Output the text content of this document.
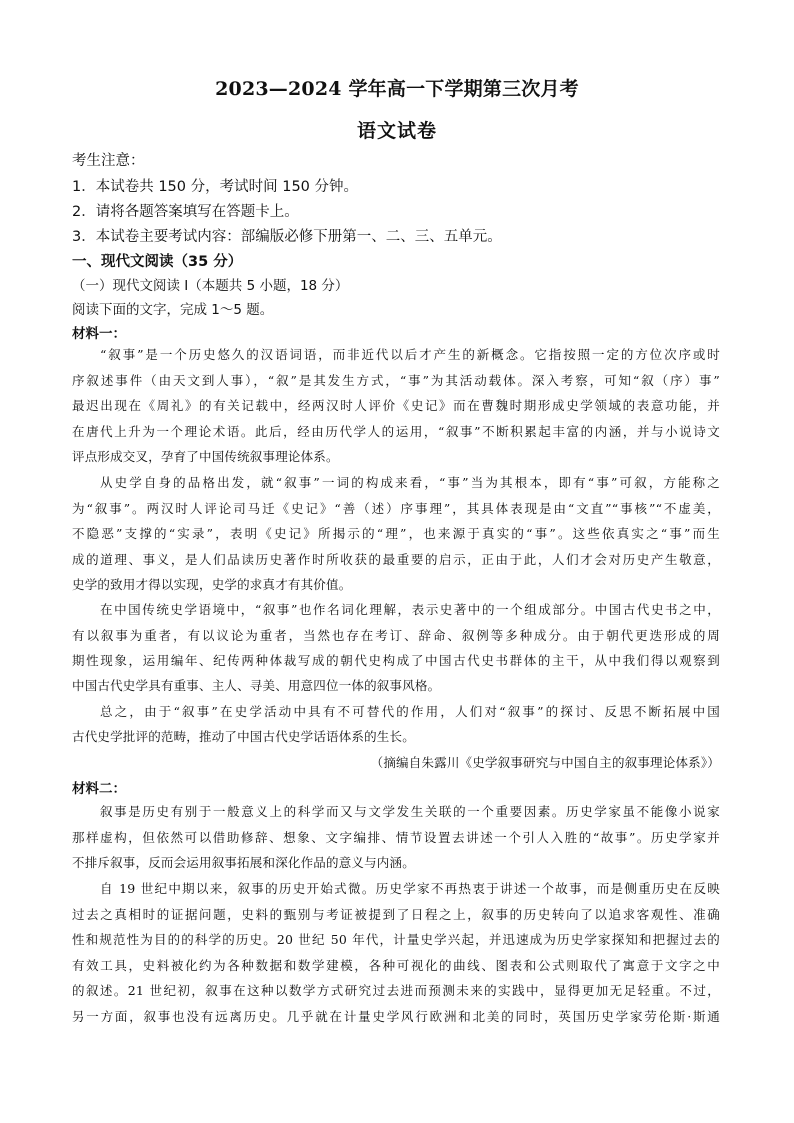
2023—2024 学年高一下学期第三次月考
语文试卷
考生注意：
1．本试卷共 150 分，考试时间 150 分钟。
2．请将各题答案填写在答题卡上。
3．本试卷主要考试内容：部编版必修下册第一、二、三、五单元。
一、现代文阅读（35 分）
（一）现代文阅读 I（本题共 5 小题，18 分）
阅读下面的文字，完成 1～5 题。
材料一：
“叙事”是一个历史悠久的汉语词语，而非近代以后才产生的新概念。它指按照一定的方位次序或时
序叙述事件（由天文到人事），“叙”是其发生方式，“事”为其活动载体。深入考察，可知“叙（序）事”
最迟出现在《周礼》的有关记载中，经两汉时人评价《史记》而在曹魏时期形成史学领域的表意功能，并
在唐代上升为一个理论术语。此后，经由历代学人的运用，“叙事”不断积累起丰富的内涵，并与小说诗文
评点形成交叉，孕育了中国传统叙事理论体系。
从史学自身的品格出发，就“叙事”一词的构成来看，“事”当为其根本，即有“事”可叙，方能称之
为“叙事”。两汉时人评论司马迁《史记》“善（述）序事理”，其具体表现是由“文直”“事核”“不虚美，
不隐恶”支撑的“实录”，表明《史记》所揭示的“理”，也来源于真实的“事”。这些依真实之“事”而生
成的道理、事义，是人们品读历史著作时所收获的最重要的启示，正由于此，人们才会对历史产生敬意，
史学的致用才得以实现，史学的求真才有其价值。
在中国传统史学语境中，“叙事”也作名词化理解，表示史著中的一个组成部分。中国古代史书之中，
有以叙事为重者，有以议论为重者，当然也存在考订、辞命、叙例等多种成分。由于朝代更迭形成的周
期性现象，运用编年、纪传两种体裁写成的朝代史构成了中国古代史书群体的主干，从中我们得以观察到
中国古代史学具有重事、主人、寻美、用意四位一体的叙事风格。
总之，由于“叙事”在史学活动中具有不可替代的作用，人们对“叙事”的探讨、反思不断拓展中国
古代史学批评的范畴，推动了中国古代史学话语体系的生长。
（摘编自朱露川《史学叙事研究与中国自主的叙事理论体系》）
材料二：
叙事是历史有别于一般意义上的科学而又与文学发生关联的一个重要因素。历史学家虽不能像小说家
那样虚构，但依然可以借助修辞、想象、文字编排、情节设置去讲述一个引人入胜的“故事”。历史学家并
不排斥叙事，反而会运用叙事拓展和深化作品的意义与内涵。
自 19 世纪中期以来，叙事的历史开始式微。历史学家不再热衷于讲述一个故事，而是侧重历史在反映
过去之真相时的证据问题，史料的甄别与考证被提到了日程之上，叙事的历史转向了以追求客观性、准确
性和规范性为目的的科学的历史。20 世纪 50 年代，计量史学兴起，并迅速成为历史学家探知和把握过去的
有效工具，史料被化约为各种数据和数学建模，各种可视化的曲线、图表和公式则取代了寓意于文字之中
的叙述。21 世纪初，叙事在这种以数学方式研究过去进而预测未来的实践中，显得更加无足轻重。不过，
另一方面，叙事也没有远离历史。几乎就在计量史学风行欧洲和北美的同时，英国历史学家劳伦斯·斯通
